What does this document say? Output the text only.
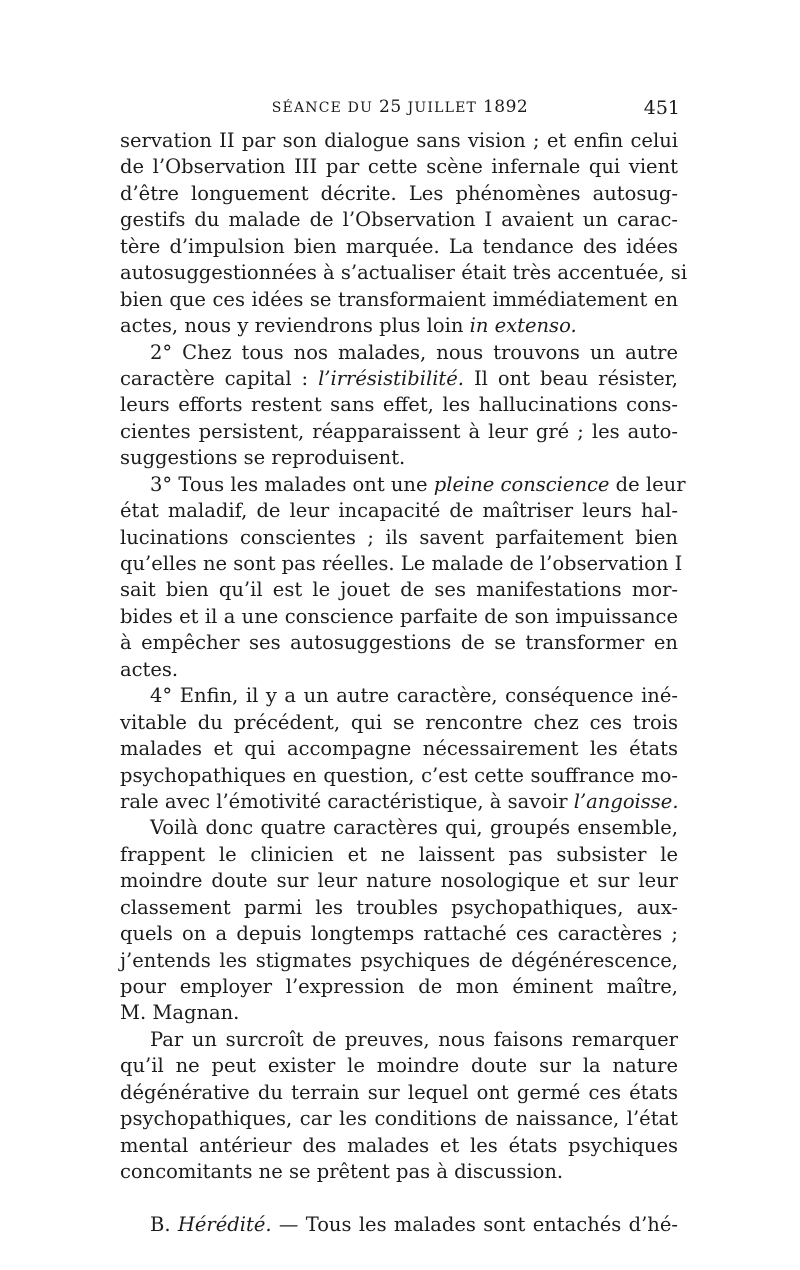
SÉANCE DU 25 JUILLET 1892	451
servation II par son dialogue sans vision ; et enfin celui
de l’Observation III par cette scène infernale qui vient
d’être longuement décrite. Les phénomènes autosug-
gestifs du malade de l’Observation I avaient un carac-
tère d’impulsion bien marquée. La tendance des idées
autosuggestionnées à s’actualiser était très accentuée, si
bien que ces idées se transformaient immédiatement en
actes, nous y reviendrons plus loin in extenso.
2° Chez tous nos malades, nous trouvons un autre
caractère capital : l’irrésistibilité. Il ont beau résister,
leurs efforts restent sans effet, les hallucinations cons-
cientes persistent, réapparaissent à leur gré ; les auto-
suggestions se reproduisent.
3° Tous les malades ont une pleine conscience de leur
état maladif, de leur incapacité de maîtriser leurs hal-
lucinations conscientes ; ils savent parfaitement bien
qu’elles ne sont pas réelles. Le malade de l’observation I
sait bien qu’il est le jouet de ses manifestations mor-
bides et il a une conscience parfaite de son impuissance
à empêcher ses autosuggestions de se transformer en
actes.
4° Enfin, il y a un autre caractère, conséquence iné-
vitable du précédent, qui se rencontre chez ces trois
malades et qui accompagne nécessairement les états
psychopathiques en question, c’est cette souffrance mo-
rale avec l’émotivité caractéristique, à savoir l’angoisse.
Voilà donc quatre caractères qui, groupés ensemble,
frappent le clinicien et ne laissent pas subsister le
moindre doute sur leur nature nosologique et sur leur
classement parmi les troubles psychopathiques, aux-
quels on a depuis longtemps rattaché ces caractères ;
j’entends les stigmates psychiques de dégénérescence,
pour employer l’expression de mon éminent maître,
M. Magnan.
Par un surcroît de preuves, nous faisons remarquer
qu’il ne peut exister le moindre doute sur la nature
dégénérative du terrain sur lequel ont germé ces états
psychopathiques, car les conditions de naissance, l’état
mental antérieur des malades et les états psychiques
concomitants ne se prêtent pas à discussion.
B. Hérédité. — Tous les malades sont entachés d’hé-
